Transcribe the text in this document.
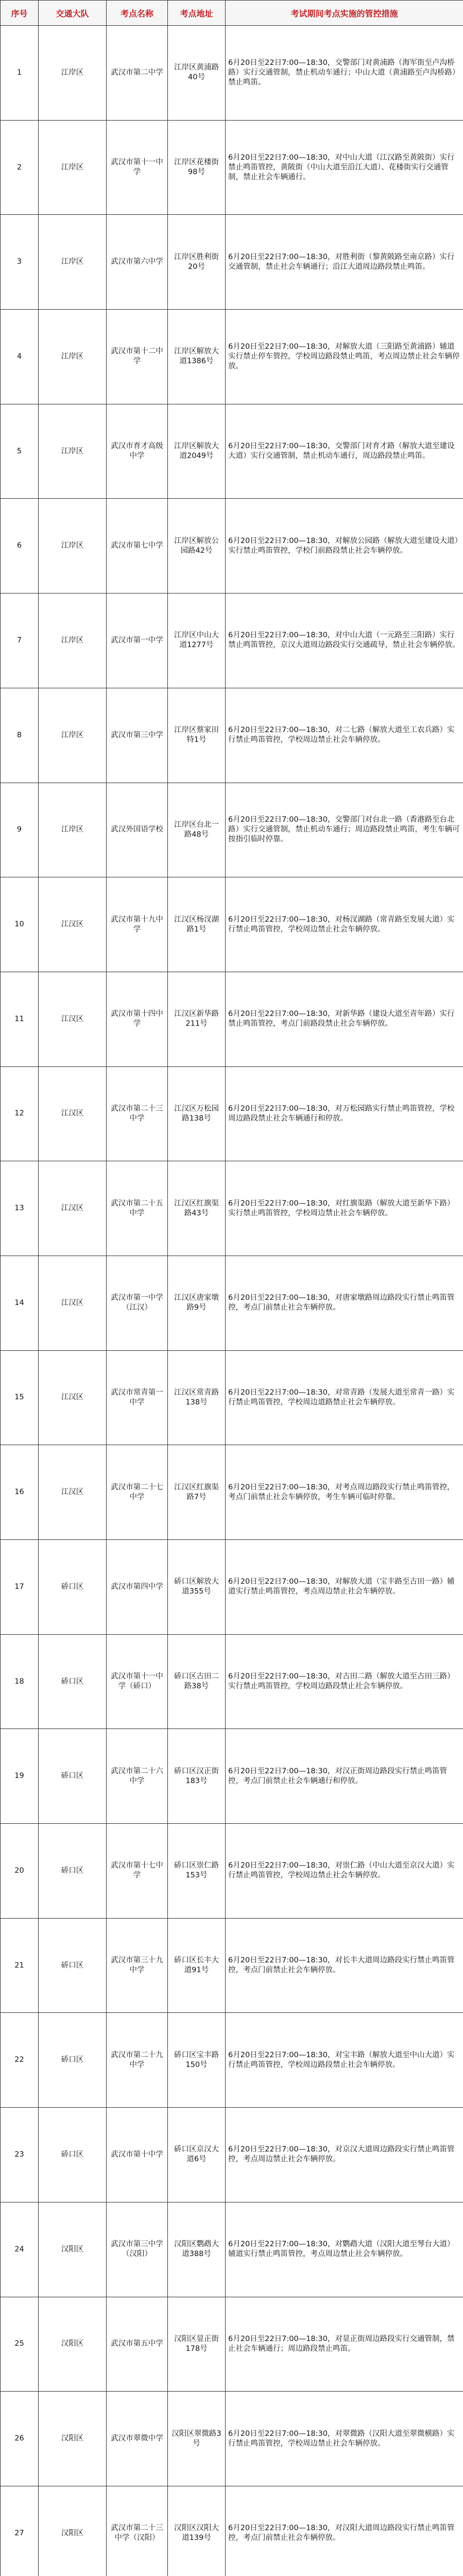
序号	交通大队	考点名称	考点地址	考试期间考点实施的管控措施
1	江岸区	武汉市第二中学	江岸区黄浦路40号	6月20日至22日7:00—18:30，交警部门对黄浦路（海军街至卢沟桥路）实行交通管制，禁止机动车通行；中山大道（黄浦路至卢沟桥路）禁止鸣笛。
2	江岸区	武汉市第十一中学	江岸区花楼街98号	6月20日至22日7:00—18:30，对中山大道（江汉路至黄陂街）实行禁止鸣笛管控，黄陂街（中山大道至沿江大道）、花楼街实行交通管制，禁止社会车辆通行。
3	江岸区	武汉市第六中学	江岸区胜利街20号	6月20日至22日7:00—18:30，对胜利街（黎黄陂路至南京路）实行交通管制，禁止社会车辆通行；沿江大道周边路段禁止鸣笛。
4	江岸区	武汉市第十二中学	江岸区解放大道1386号	6月20日至22日7:00—18:30，对解放大道（三阳路至黄浦路）辅道实行禁止停车管控，学校周边路段禁止鸣笛，考点周边禁止社会车辆停放。
5	江岸区	武汉市育才高级中学	江岸区解放大道2049号	6月20日至22日7:00—18:30，交警部门对育才路（解放大道至建设大道）实行交通管制，禁止机动车通行，周边路段禁止鸣笛。
6	江岸区	武汉市第七中学	江岸区解放公园路42号	6月20日至22日7:00—18:30，对解放公园路（解放大道至建设大道）实行禁止鸣笛管控，学校门前路段禁止社会车辆停放。
7	江岸区	武汉市第一中学	江岸区中山大道1277号	6月20日至22日7:00—18:30，对中山大道（一元路至三阳路）实行禁止鸣笛管控，京汉大道周边路段实行交通疏导，禁止社会车辆停放。
8	江岸区	武汉市第三中学	江岸区蔡家田特1号	6月20日至22日7:00—18:30，对二七路（解放大道至工农兵路）实行禁止鸣笛管控，学校周边禁止社会车辆停放。
9	江岸区	武汉外国语学校	江岸区台北一路48号	6月20日至22日7:00—18:30，交警部门对台北一路（香港路至台北路）实行交通管制，禁止机动车通行；周边路段禁止鸣笛，考生车辆可按指引临时停靠。
10	江汉区	武汉市第十九中学	江汉区杨汊湖路1号	6月20日至22日7:00—18:30，对杨汊湖路（常青路至发展大道）实行禁止鸣笛管控，学校周边禁止社会车辆停放。
11	江汉区	武汉市第十四中学	江汉区新华路211号	6月20日至22日7:00—18:30，对新华路（建设大道至青年路）实行禁止鸣笛管控，考点门前路段禁止社会车辆停放。
12	江汉区	武汉市第二十三中学	江汉区万松园路138号	6月20日至22日7:00—18:30，对万松园路实行禁止鸣笛管控，学校周边路段禁止社会车辆通行和停放。
13	江汉区	武汉市第二十五中学	江汉区红旗渠路43号	6月20日至22日7:00—18:30，对红旗渠路（解放大道至新华下路）实行禁止鸣笛管控，学校周边禁止社会车辆停放。
14	江汉区	武汉市第一中学（江汉）	江汉区唐家墩路9号	6月20日至22日7:00—18:30，对唐家墩路周边路段实行禁止鸣笛管控，考点门前禁止社会车辆停放。
15	江汉区	武汉市常青第一中学	江汉区常青路138号	6月20日至22日7:00—18:30，对常青路（发展大道至常青一路）实行禁止鸣笛管控，学校周边道路禁止社会车辆停放。
16	江汉区	武汉市第二十七中学	江汉区红旗渠路7号	6月20日至22日7:00—18:30，对考点周边路段实行禁止鸣笛管控，考点门前禁止社会车辆停放，考生车辆可临时停靠。
17	硚口区	武汉市第四中学	硚口区解放大道355号	6月20日至22日7:00—18:30，对解放大道（宝丰路至古田一路）辅道实行禁止鸣笛管控，考点周边禁止社会车辆停放。
18	硚口区	武汉市第十一中学（硚口）	硚口区古田二路38号	6月20日至22日7:00—18:30，对古田二路（解放大道至古田三路）实行禁止鸣笛管控，学校周边路段禁止社会车辆停放。
19	硚口区	武汉市第二十六中学	硚口区汉正街183号	6月20日至22日7:00—18:30，对汉正街周边路段实行禁止鸣笛管控，考点门前禁止社会车辆通行和停放。
20	硚口区	武汉市第十七中学	硚口区崇仁路153号	6月20日至22日7:00—18:30，对崇仁路（中山大道至京汉大道）实行禁止鸣笛管控，学校周边禁止社会车辆停放。
21	硚口区	武汉市第三十九中学	硚口区长丰大道91号	6月20日至22日7:00—18:30，对长丰大道周边路段实行禁止鸣笛管控，考点门前禁止社会车辆停放。
22	硚口区	武汉市第二十九中学	硚口区宝丰路150号	6月20日至22日7:00—18:30，对宝丰路（解放大道至中山大道）实行禁止鸣笛管控，学校周边路段禁止社会车辆停放。
23	硚口区	武汉市第十中学	硚口区京汉大道6号	6月20日至22日7:00—18:30，对京汉大道周边路段实行禁止鸣笛管控，考点周边禁止社会车辆停放。
24	汉阳区	武汉市第三中学（汉阳）	汉阳区鹦鹉大道388号	6月20日至22日7:00—18:30，对鹦鹉大道（汉阳大道至琴台大道）辅道实行禁止鸣笛管控，考点周边禁止社会车辆停放。
25	汉阳区	武汉市第五中学	汉阳区显正街178号	6月20日至22日7:00—18:30，对显正街周边路段实行交通管制，禁止社会车辆通行；周边路段禁止鸣笛。
26	汉阳区	武汉市翠微中学	汉阳区翠微路3号	6月20日至22日7:00—18:30，对翠微路（汉阳大道至翠微横路）实行禁止鸣笛管控，学校周边禁止社会车辆停放。
27	汉阳区	武汉市第二十三中学（汉阳）	汉阳区汉阳大道139号	6月20日至22日7:00—18:30，对汉阳大道周边路段实行禁止鸣笛管控，考点门前禁止社会车辆停放。
